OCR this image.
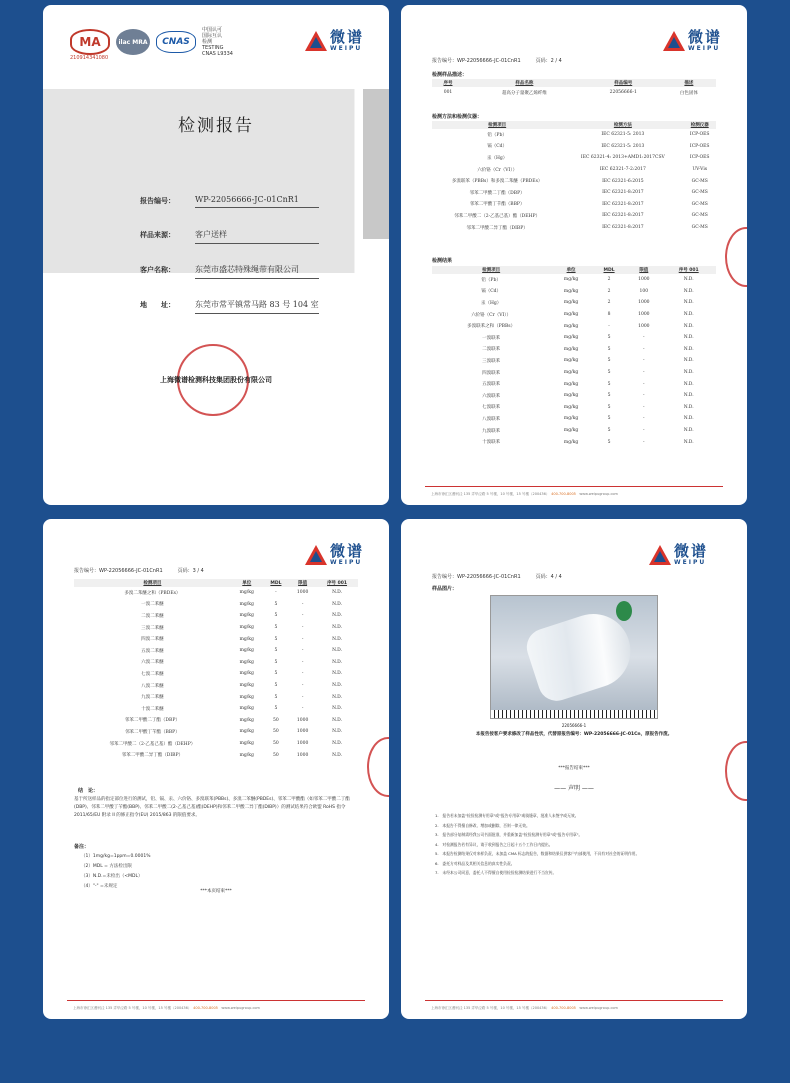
MA	ilac MRA	CNAS
中国认可
国际互认
检测
TESTING
CNAS L9334
210914341080
微谱
WEIPU
检测报告
报告编号：	WP-22056666-JC-01CnR1
样品来源：	客户送样
客户名称：	东莞市盛芯特殊绳带有限公司
地　　址：	东莞市常平镇常马路 83 号 104 室
上海微谱检测科技集团股份有限公司
微谱
WEIPU
报告编号：WP-22056666-JC-01CnR1　　　页码：2 / 4
检测样品描述：
序号	样品名称	样品编号	描述
001	超高分子量聚乙烯纤维	22056666-1	白色固体
检测方法和检测仪器：
检测项目	检测方法	检测仪器
铅（Pb）	IEC 62321-5: 2013	ICP-OES
镉（Cd）	IEC 62321-5: 2013	ICP-OES
汞（Hg）	IEC 62321-4: 2013+AMD1:2017CSV	ICP-OES
六价铬（Cr（VI））	IEC 62321-7-2:2017	UV-Vis
多溴联苯（PBBs）和多溴二苯醚（PBDEs）	IEC 62321-6:2015	GC-MS
邻苯二甲酸二丁酯（DBP）	IEC 62321-8:2017	GC-MS
邻苯二甲酸丁苄酯（BBP）	IEC 62321-8:2017	GC-MS
邻苯二甲酸二（2-乙基己基）酯（DEHP）	IEC 62321-8:2017	GC-MS
邻苯二甲酸二异丁酯（DIBP）	IEC 62321-8:2017	GC-MS
检测结果
检测项目	单位	MDL	限值	序号 001
铅（Pb）	mg/kg	2	1000	N.D.
镉（Cd）	mg/kg	2	100	N.D.
汞（Hg）	mg/kg	2	1000	N.D.
六价铬（Cr（VI））	mg/kg	8	1000	N.D.
多溴联苯之和（PBBs）	mg/kg	-	1000	N.D.
一溴联苯	mg/kg	5	-	N.D.
二溴联苯	mg/kg	5	-	N.D.
三溴联苯	mg/kg	5	-	N.D.
四溴联苯	mg/kg	5	-	N.D.
五溴联苯	mg/kg	5	-	N.D.
六溴联苯	mg/kg	5	-	N.D.
七溴联苯	mg/kg	5	-	N.D.
八溴联苯	mg/kg	5	-	N.D.
九溴联苯	mg/kg	5	-	N.D.
十溴联苯	mg/kg	5	-	N.D.
上海市徐汇区漕河泾 135 弄华泾路 5 号楼，10 号楼，15 号楼（200436）　 400-700-8005　 www.weipugroup.com
微谱
WEIPU
报告编号：WP-22056666-JC-01CnR1　　　页码：3 / 4
检测项目	单位	MDL	限值	序号 001
多溴二苯醚之和（PBDEs）	mg/kg	-	1000	N.D.
一溴二苯醚	mg/kg	5	-	N.D.
二溴二苯醚	mg/kg	5	-	N.D.
三溴二苯醚	mg/kg	5	-	N.D.
四溴二苯醚	mg/kg	5	-	N.D.
五溴二苯醚	mg/kg	5	-	N.D.
六溴二苯醚	mg/kg	5	-	N.D.
七溴二苯醚	mg/kg	5	-	N.D.
八溴二苯醚	mg/kg	5	-	N.D.
九溴二苯醚	mg/kg	5	-	N.D.
十溴二苯醚	mg/kg	5	-	N.D.
邻苯二甲酸二丁酯（DBP）	mg/kg	50	1000	N.D.
邻苯二甲酸丁苄酯（BBP）	mg/kg	50	1000	N.D.
邻苯二甲酸二（2-乙基己基）酯（DEHP）	mg/kg	50	1000	N.D.
邻苯二甲酸二异丁酯（DIBP）	mg/kg	50	1000	N.D.
结　论：
基于所送样品的指定部位进行的测试，铅、镉、汞、六价铬、多溴联苯(PBBs)、多溴二苯醚(PBDEs)、邻苯二甲酸酯（如邻苯二甲酸二丁酯(DBP)、邻苯二甲酸丁苄酯(BBP)、邻苯二甲酸二(2-乙基己基)酯(DEHP)和邻苯二甲酸二异丁酯(DIBP)）的测试结果符合欧盟 RoHS 指令 2011/65/EU 附录 II 的修正指令(EU) 2015/863 的限值要求。
备注：
（1）1mg/kg=1ppm=0.0001%
（2）MDL = 方法检出限
（3）N.D.=未检出（<MDL）
（4）"-" =未规定
***本页结束***
上海市徐汇区漕河泾 135 弄华泾路 5 号楼，10 号楼，15 号楼（200436）　 400-700-8005　 www.weipugroup.com
微谱
WEIPU
报告编号：WP-22056666-JC-01CnR1　　　页码：4 / 4
样品图片：
22056666-1
本报告按客户要求修改了样品性状，代替原报告编号：WP-22056666-JC-01Cn，原报告作废。
***报告结束***
—— 声明 ——
1.　报告若未加盖"检验检测专用章"或"报告专用章"或骑缝章，批准人未签字或无效。
2.　本报告不得擅自修改、增加或删除，否则一律无效。
3.　报告部分复制需经我公司书面批准，并重新加盖"检验检测专用章"或"报告专用章"。
4.　对检测报告若有异议，请于收到报告之日起十五个工作日内提出。
5.　本报告检测结果仅对来样负责，未加盖 CMA 标志的报告，数据和结果仅供客户内部使用，不具有对社会的证明作用。
6.　委托方对样品及其相关信息的真实性负责。
7.　未经本公司同意，委托人不得擅自使用检验检测结果进行不当宣传。
上海市徐汇区漕河泾 135 弄华泾路 5 号楼，10 号楼，15 号楼（200436）　 400-700-8005　 www.weipugroup.com
